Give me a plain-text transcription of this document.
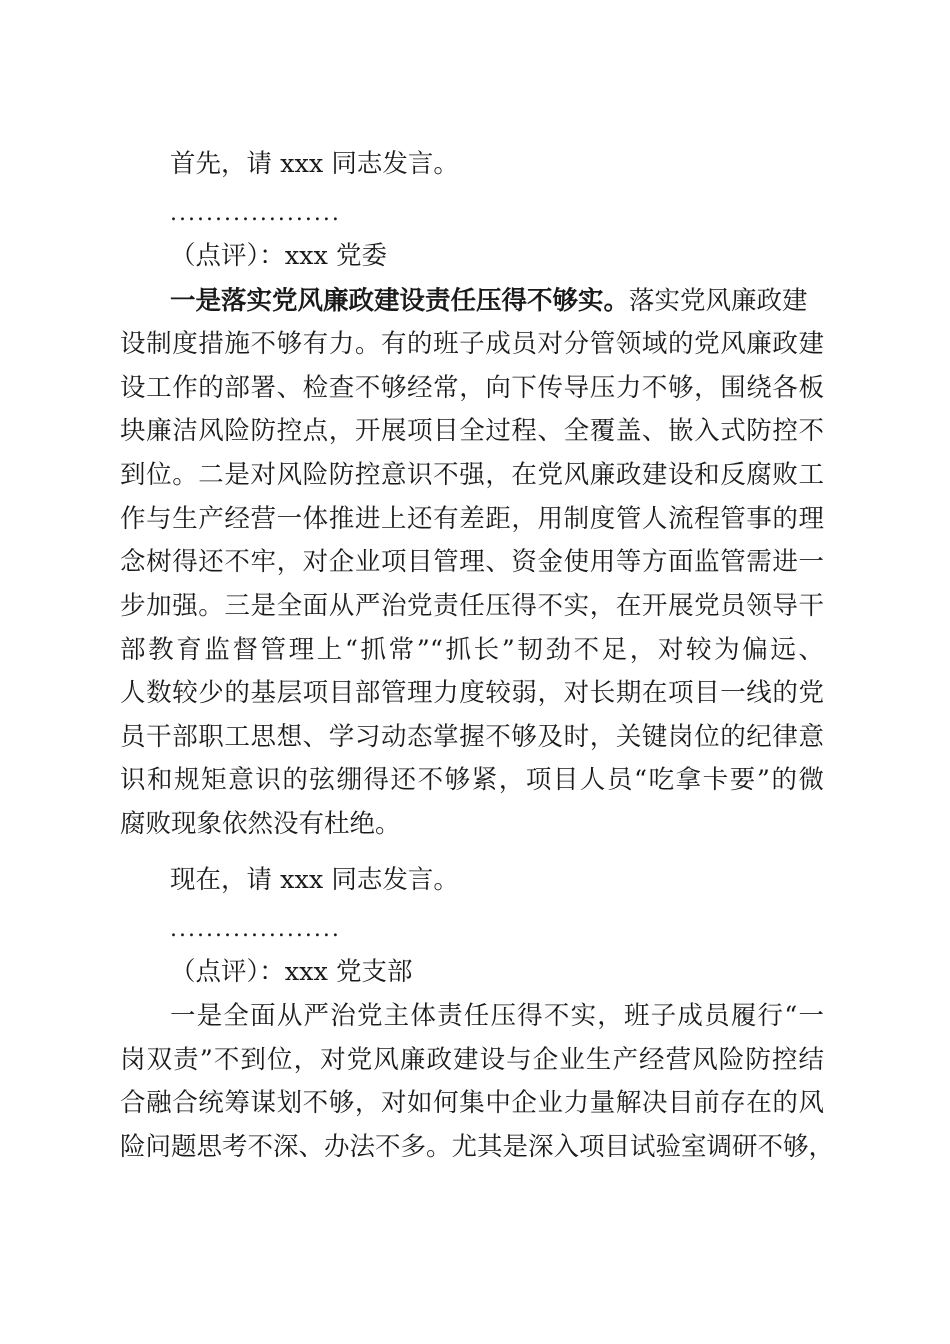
首先，请 xxx 同志发言。

...................

（点评）：xxx 党委

一是落实党风廉政建设责任压得不够实。落实党风廉政建

设制度措施不够有力。有的班子成员对分管领域的党风廉政建

设工作的部署、检查不够经常，向下传导压力不够，围绕各板

块廉洁风险防控点，开展项目全过程、全覆盖、嵌入式防控不

到位。二是对风险防控意识不强，在党风廉政建设和反腐败工

作与生产经营一体推进上还有差距，用制度管人流程管事的理

念树得还不牢，对企业项目管理、资金使用等方面监管需进一

步加强。三是全面从严治党责任压得不实，在开展党员领导干

部教育监督管理上“抓常”“抓长”韧劲不足，对较为偏远、

人数较少的基层项目部管理力度较弱，对长期在项目一线的党

员干部职工思想、学习动态掌握不够及时，关键岗位的纪律意

识和规矩意识的弦绷得还不够紧，项目人员“吃拿卡要”的微

腐败现象依然没有杜绝。

现在，请 xxx 同志发言。

...................

（点评）：xxx 党支部

一是全面从严治党主体责任压得不实，班子成员履行“一

岗双责”不到位，对党风廉政建设与企业生产经营风险防控结

合融合统筹谋划不够，对如何集中企业力量解决目前存在的风

险问题思考不深、办法不多。尤其是深入项目试验室调研不够，
